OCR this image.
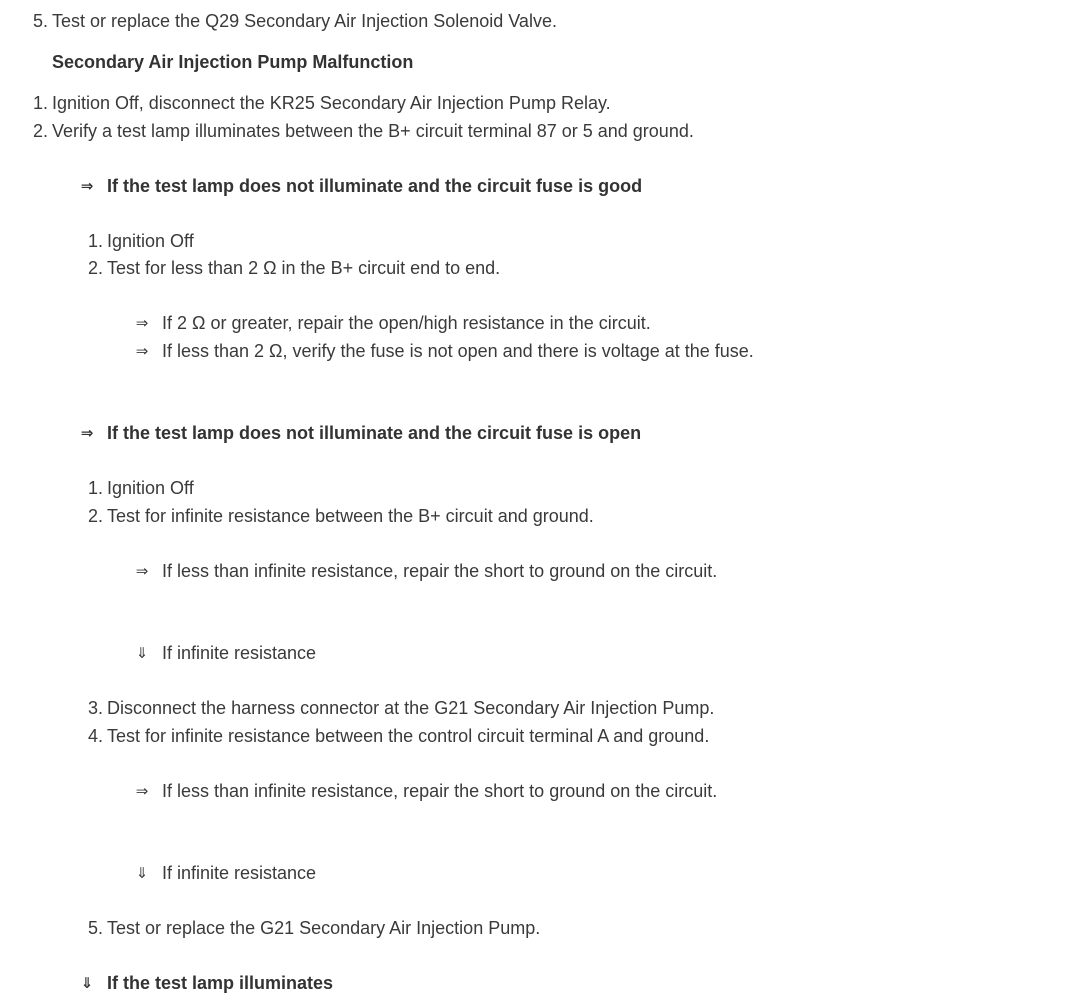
5. Test or replace the Q29 Secondary Air Injection Solenoid Valve.
Secondary Air Injection Pump Malfunction
1. Ignition Off, disconnect the KR25 Secondary Air Injection Pump Relay.
2. Verify a test lamp illuminates between the B+ circuit terminal 87 or 5 and ground.
⇒ If the test lamp does not illuminate and the circuit fuse is good
1. Ignition Off
2. Test for less than 2 Ω in the B+ circuit end to end.
⇒ If 2 Ω or greater, repair the open/high resistance in the circuit.
⇒ If less than 2 Ω, verify the fuse is not open and there is voltage at the fuse.
⇒ If the test lamp does not illuminate and the circuit fuse is open
1. Ignition Off
2. Test for infinite resistance between the B+ circuit and ground.
⇒ If less than infinite resistance, repair the short to ground on the circuit.
⇓ If infinite resistance
3. Disconnect the harness connector at the G21 Secondary Air Injection Pump.
4. Test for infinite resistance between the control circuit terminal A and ground.
⇒ If less than infinite resistance, repair the short to ground on the circuit.
⇓ If infinite resistance
5. Test or replace the G21 Secondary Air Injection Pump.
⇓ If the test lamp illuminates
